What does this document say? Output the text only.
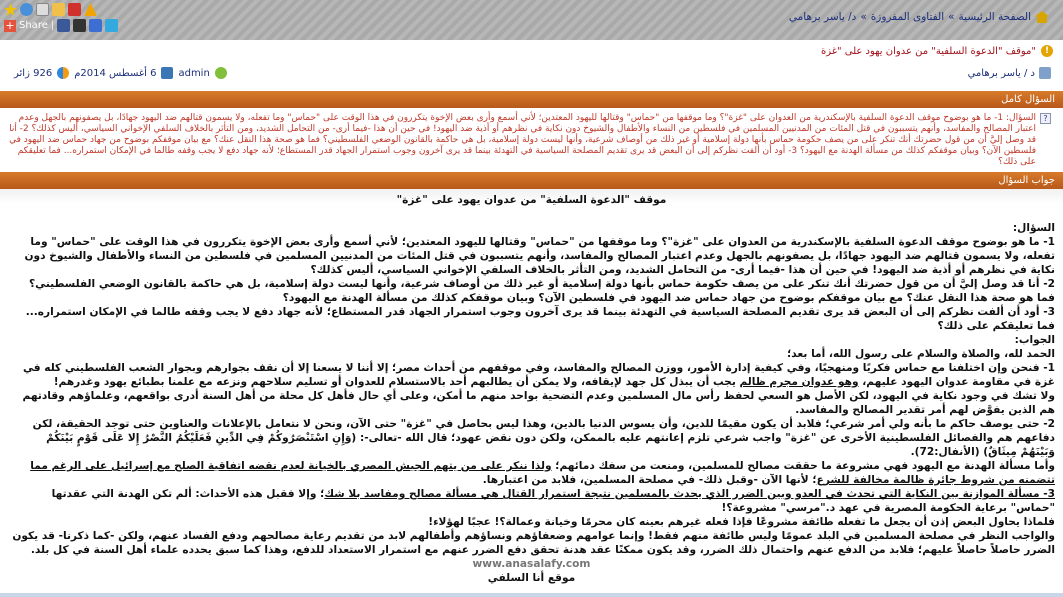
الصفحة الرئيسية
»
الفتاوى المفروزة
»
د/ ياسر برهامي
+ Share |
!
"موقف "الدعوة السلفية" من عدوان يهود على "غزة
د / ياسر برهامي
admin
6 أغسطس 2014م
926 زائر
السؤال كامل
?
السؤال: 1- ما هو بوضوح موقف الدعوة السلفية بالإسكندرية من العدوان على "غزة"؟ وما موقفها من "حماس" وقتالها لليهود المعتدين؛ لأني أسمع وأرى بعض الإخوة يتكررون في هذا الوقت على "حماس" وما تفعله، ولا يسمون قتالهم ضد اليهود جهادًا، بل يصفونهم بالجهل وعدم اعتبار المصالح والمفاسد، وأنهم يتسببون في قتل المئات من المدنيين المسلمين في فلسطين من النساء والأطفال والشيوخ دون نكاية في نظرهم أو أذية ضد اليهود! في حين أن هذا -فيما أرى- من التحامل الشديد، ومن التأثر بالخلاف السلفي الإخواني السياسي، أليس كذلك؟ 2- أنا قد وصل إليَّ أن من قول حضرتك أنك تنكر على من يصف حكومة حماس بأنها دولة إسلامية أو غير ذلك من أوصاف شرعية، وأنها ليست دولة إسلامية، بل هي حاكمة بالقانون الوضعي الفلسطيني؟ فما هو صحة هذا النقل عنك؟ مع بيان موقفكم بوضوح من جهاد حماس ضد اليهود في فلسطين الآن؟ وبيان موقفكم كذلك من مسألة الهدنة مع اليهود؟ 3- أود أن ألفت نظركم إلى أن البعض قد يرى تقديم المصلحة السياسية في التهدئة بينما قد يرى آخرون وجوب استمرار الجهاد قدر المستطاع؛ لأنه جهاد دفع لا يجب وقفه طالما في الإمكان استمراره... فما تعليقكم على ذلك؟
جواب السؤال

موقف "الدعوة السلفية" من عدوان يهود على "غزة"

السؤال:

1- ما هو بوضوح موقف الدعوة السلفية بالإسكندرية من العدوان على "غزة"؟ وما موقفها من "حماس" وقتالها لليهود المعتدين؛ لأني أسمع وأرى بعض الإخوة يتكررون في هذا الوقت على "حماس" وما تفعله، ولا يسمون قتالهم ضد اليهود جهادًا، بل يصفونهم بالجهل وعدم اعتبار المصالح والمفاسد، وأنهم يتسببون في قتل المئات من المدنيين المسلمين في فلسطين من النساء والأطفال والشيوخ دون نكاية في نظرهم أو أذية ضد اليهود! في حين أن هذا -فيما أرى- من التحامل الشديد، ومن التأثر بالخلاف السلفي الإخواني السياسي، أليس كذلك؟

2- أنا قد وصل إليَّ أن من قول حضرتك أنك تنكر على من يصف حكومة حماس بأنها دولة إسلامية أو غير ذلك من أوصاف شرعية، وأنها ليست دولة إسلامية، بل هي حاكمة بالقانون الوضعي الفلسطيني؟ فما هو صحة هذا النقل عنك؟ مع بيان موقفكم بوضوح من جهاد حماس ضد اليهود في فلسطين الآن؟ وبيان موقفكم كذلك من مسألة الهدنة مع اليهود؟

3- أود أن ألفت نظركم إلى أن البعض قد يرى تقديم المصلحة السياسية في التهدئة بينما قد يرى آخرون وجوب استمرار الجهاد قدر المستطاع؛ لأنه جهاد دفع لا يجب وقفه طالما في الإمكان استمراره... فما تعليقكم على ذلك؟

الجواب:

الحمد لله، والصلاة والسلام على رسول الله، أما بعد؛

1- فنحن وإن اختلفنا مع حماس فكريًا ومنهجيًا، وفي كيفية إدارة الأمور، ووزن المصالح والمفاسد، وفي موقفهم من أحداث مصر؛ إلا أننا لا يسعنا إلا أن نقف بجوارهم وبجوار الشعب الفلسطيني كله في غزة في مقاومة عدوان اليهود عليهم، وهو عدوان مجرم ظالم يجب أن يبذل كل جهد لإيقافه، ولا يمكن أن يطالبهم أحد بالاستسلام للعدوان أو تسليم سلاحهم ونزعه مع علمنا بطبائع يهود وغدرهم!

ولا تشك في وجود نكاية في اليهود، لكن الأصل هو السعي لحفظ رأس مال المسلمين وعدم التضحية بواحد منهم ما أمكن، وعلى أي حال فأهل كل محلة من أهل السنة أدرى بواقعهم، وعلماؤهم وقادتهم هم الذين يفوَّض لهم أمر تقدير المصالح والمفاسد.

2- حتى يوصف حاكم ما بأنه ولي أمر شرعي؛ فلابد أن يكون مقيمًا للدين، وأن يسوس الدنيا بالدين، وهذا ليس بحاصل في "غزة" حتى الآن، ونحن لا نتعامل بالإعلانات والعناوين حتى توجد الحقيقة، لكن دفاعهم هم والفصائل الفلسطينية الأخرى عن "غزة" واجب شرعي تلزم إعانتهم عليه بالممكن، ولكن دون نقض عهود؛ قال الله -تعالى-: (وَإِنِ اسْتَنْصَرُوكُمْ فِي الدِّينِ فَعَلَيْكُمُ النَّصْرُ إِلا عَلَى قَوْمٍ بَيْنَكُمْ وَبَيْنَهُمْ مِيثَاقٌ) (الأنفال:72).

وأما مسألة الهدنة مع اليهود فهي مشروعة ما حققت مصالح للمسلمين، ومنعت من سفك دمائهم؛ ولذا ننكر على من يتهم الجيش المصري بالخيانة لعدم نقضه اتفاقية الصلح مع إسرائيل على الرغم مما تتضمنه من شروط جائرة ظالمة مخالفة للشرع؛ لأنها الآن -وقبل ذلك- في مصلحة المسلمين، فلابد من اعتبارها.

3- مسألة الموازنة بين النكاية التي تحدث في العدو وبين الضرر الذي يحدث بالمسلمين نتيجة استمرار القتال هي مسألة مصالح ومفاسد بلا شك؛ وإلا فقبل هذه الأحداث: ألم تكن الهدنة التي عقدتها "حماس" برعاية الحكومة المصرية في عهد د."مرسي" مشروعة؟!

فلماذا يحاول البعض إذن أن يجعل ما تفعله طائفة مشروعًا فإذا فعله غيرهم بعينه كان محرمًا وخيانة وعمالة؟! عجبًا لهؤلاء!

والواجب النظر في مصلحة المسلمين في البلد عمومًا وليس طائفة منهم فقط! وإنما عوامهم وضعفاؤهم ونساؤهم وأطفالهم لابد من تقديم رعاية مصالحهم ودفع الفساد عنهم، ولكن -كما ذكرنا- قد يكون الضرر حاصلاً حاصلاً عليهم؛ فلابد من الدفع عنهم واحتمال ذلك الضرر، وقد يكون ممكنًا عقد هدنة تحقق دفع الضرر عنهم مع استمرار الاستعداد للدفع، وهذا كما سبق يحدده علماء أهل السنة في كل بلد.

www.anasalafy.com

موقع أنا السلفي
